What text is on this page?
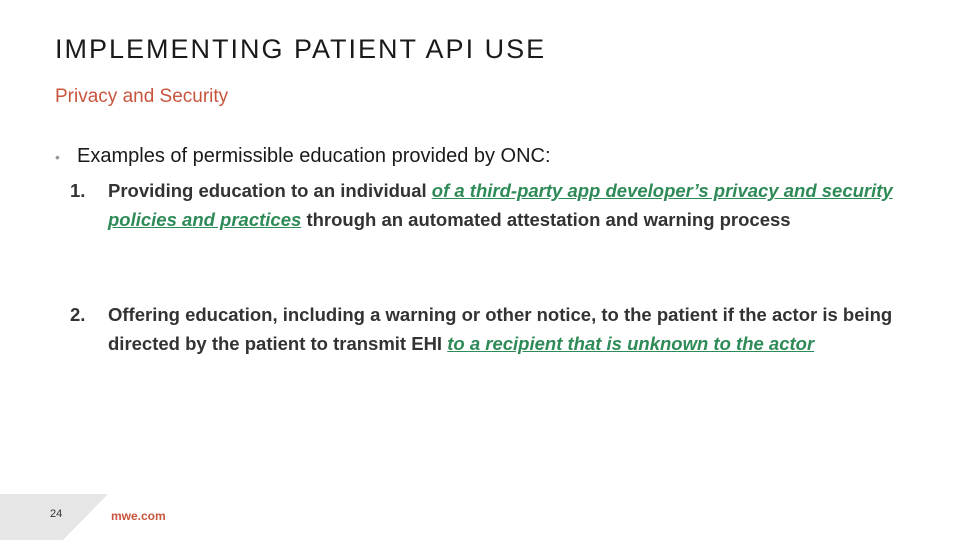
IMPLEMENTING PATIENT API USE
Privacy and Security
• Examples of permissible education provided by ONC:
1.	Providing education to an individual of a third-party app developer’s privacy and security policies and practices through an automated attestation and warning process
2.	Offering education, including a warning or other notice, to the patient if the actor is being directed by the patient to transmit EHI to a recipient that is unknown to the actor
24	mwe.com
